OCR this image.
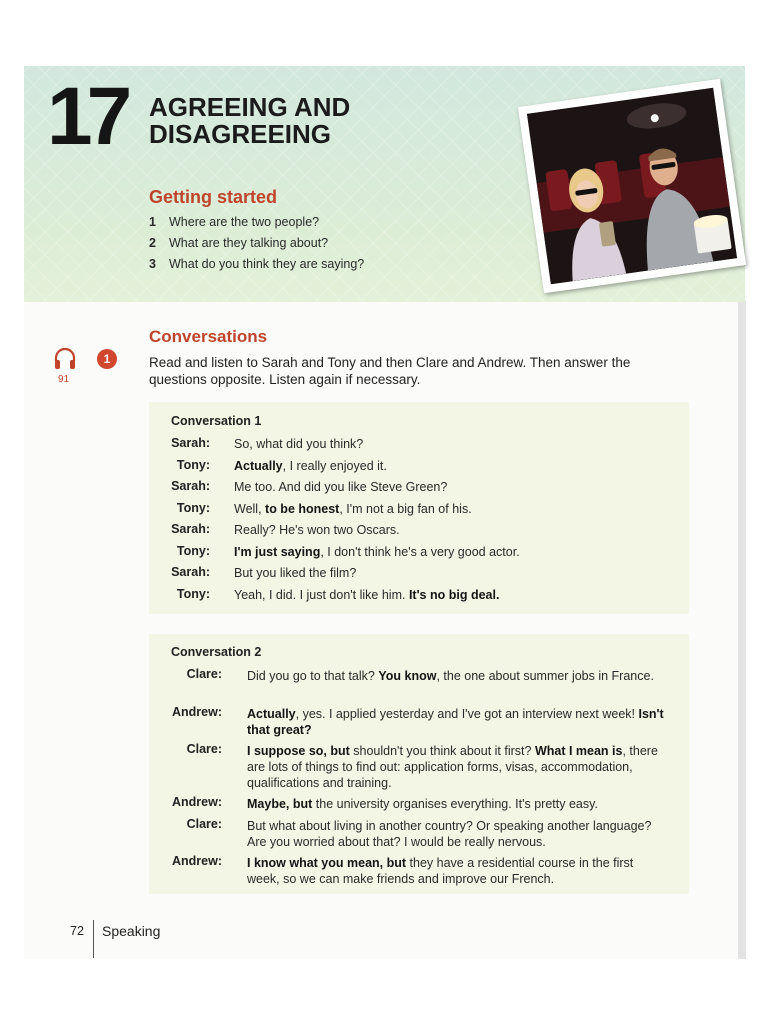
17 AGREEING AND
DISAGREEING
Getting started
1	Where are the two people?
2	What are they talking about?
3	What do you think they are saying?
Conversations
91
1	Read and listen to Sarah and Tony and then Clare and Andrew. Then answer the questions opposite. Listen again if necessary.
Conversation 1
Sarah: So, what did you think?
Tony: Actually, I really enjoyed it.
Sarah: Me too. And did you like Steve Green?
Tony: Well, to be honest, I'm not a big fan of his.
Sarah: Really? He's won two Oscars.
Tony: I'm just saying, I don't think he's a very good actor.
Sarah: But you liked the film?
Tony: Yeah, I did. I just don't like him. It's no big deal.
Conversation 2
Clare: Did you go to that talk? You know, the one about summer jobs in France.
Andrew: Actually, yes. I applied yesterday and I've got an interview next week! Isn't that great?
Clare: I suppose so, but shouldn't you think about it first? What I mean is, there are lots of things to find out: application forms, visas, accommodation, qualifications and training.
Andrew: Maybe, but the university organises everything. It's pretty easy.
Clare: But what about living in another country? Or speaking another language? Are you worried about that? I would be really nervous.
Andrew: I know what you mean, but they have a residential course in the first week, so we can make friends and improve our French.
72 Speaking
